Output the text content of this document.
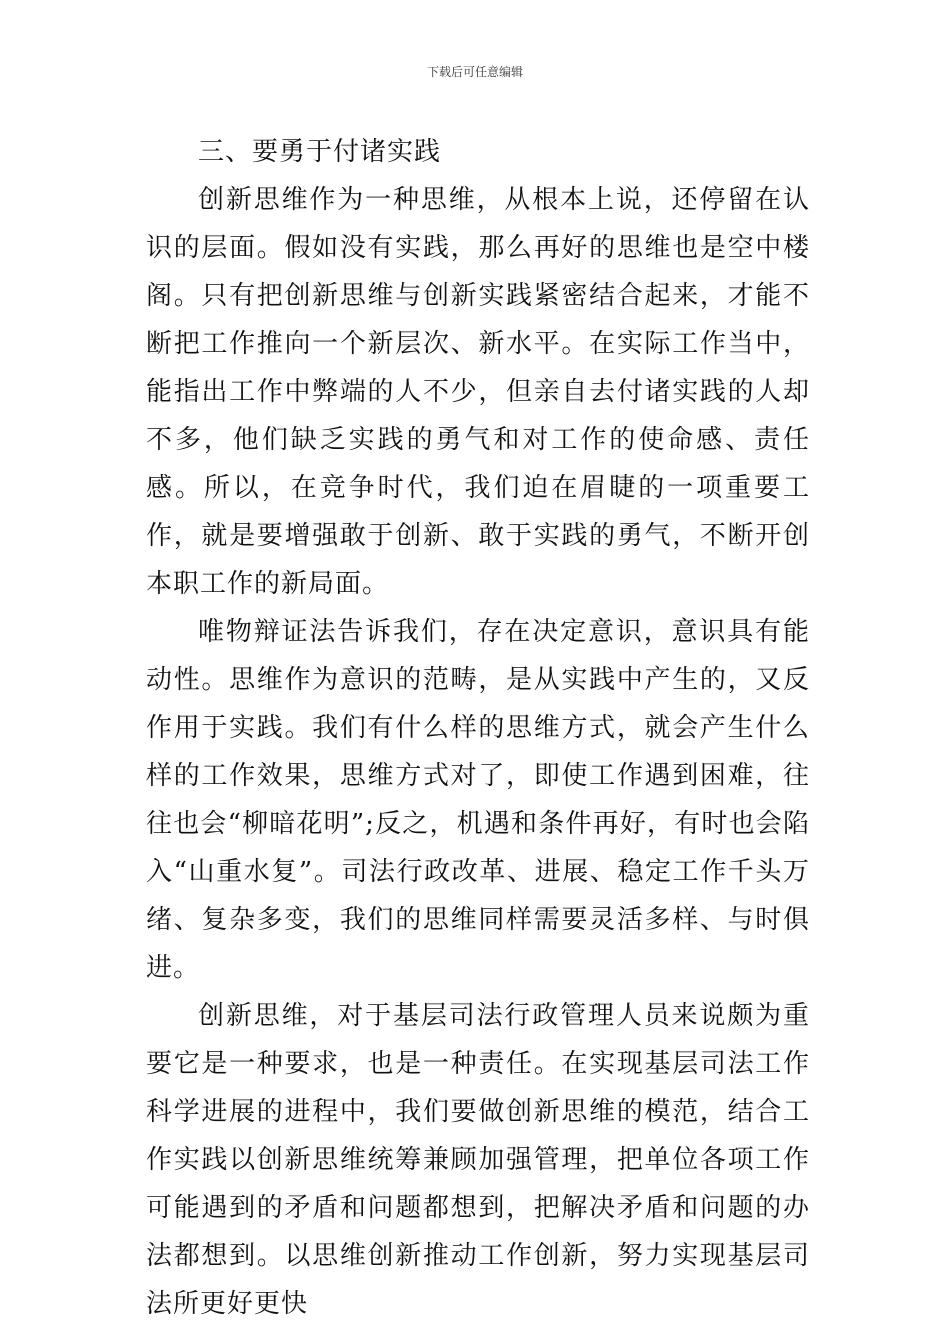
下载后可任意编辑
三、要勇于付诸实践

创新思维作为一种思维，从根本上说，还停留在认识的层面。假如没有实践，那么再好的思维也是空中楼阁。只有把创新思维与创新实践紧密结合起来，才能不断把工作推向一个新层次、新水平。在实际工作当中，能指出工作中弊端的人不少，但亲自去付诸实践的人却不多，他们缺乏实践的勇气和对工作的使命感、责任感。所以，在竞争时代，我们迫在眉睫的一项重要工作，就是要增强敢于创新、敢于实践的勇气，不断开创本职工作的新局面。

唯物辩证法告诉我们，存在决定意识，意识具有能动性。思维作为意识的范畴，是从实践中产生的，又反作用于实践。我们有什么样的思维方式，就会产生什么样的工作效果，思维方式对了，即使工作遇到困难，往往也会“柳暗花明”;反之，机遇和条件再好，有时也会陷入“山重水复”。司法行政改革、进展、稳定工作千头万绪、复杂多变，我们的思维同样需要灵活多样、与时俱进。

创新思维，对于基层司法行政管理人员来说颇为重要它是一种要求，也是一种责任。在实现基层司法工作科学进展的进程中，我们要做创新思维的模范，结合工作实践以创新思维统筹兼顾加强管理，把单位各项工作可能遇到的矛盾和问题都想到，把解决矛盾和问题的办法都想到。以思维创新推动工作创新，努力实现基层司法所更好更快
